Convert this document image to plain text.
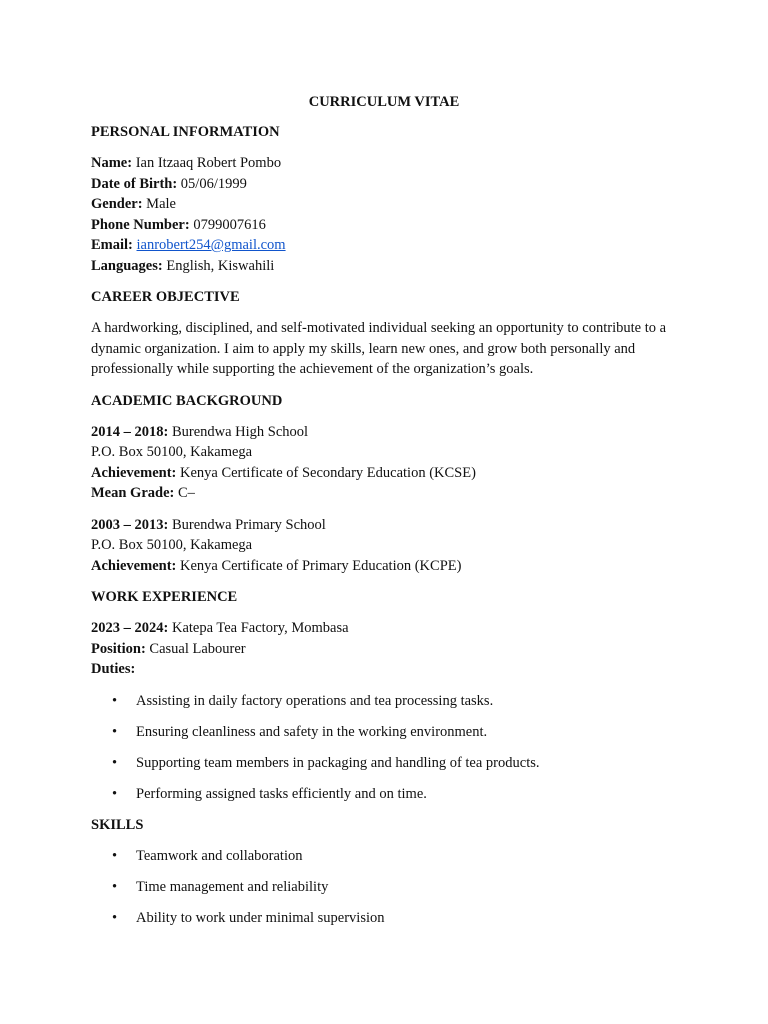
CURRICULUM VITAE
PERSONAL INFORMATION
Name: Ian Itzaaq Robert Pombo
Date of Birth: 05/06/1999
Gender: Male
Phone Number: 0799007616
Email: ianrobert254@gmail.com
Languages: English, Kiswahili
CAREER OBJECTIVE
A hardworking, disciplined, and self-motivated individual seeking an opportunity to contribute to a dynamic organization. I aim to apply my skills, learn new ones, and grow both personally and professionally while supporting the achievement of the organization’s goals.
ACADEMIC BACKGROUND
2014 – 2018: Burendwa High School
P.O. Box 50100, Kakamega
Achievement: Kenya Certificate of Secondary Education (KCSE)
Mean Grade: C–
2003 – 2013: Burendwa Primary School
P.O. Box 50100, Kakamega
Achievement: Kenya Certificate of Primary Education (KCPE)
WORK EXPERIENCE
2023 – 2024: Katepa Tea Factory, Mombasa
Position: Casual Labourer
Duties:
• Assisting in daily factory operations and tea processing tasks.
• Ensuring cleanliness and safety in the working environment.
• Supporting team members in packaging and handling of tea products.
• Performing assigned tasks efficiently and on time.
SKILLS
• Teamwork and collaboration
• Time management and reliability
• Ability to work under minimal supervision
